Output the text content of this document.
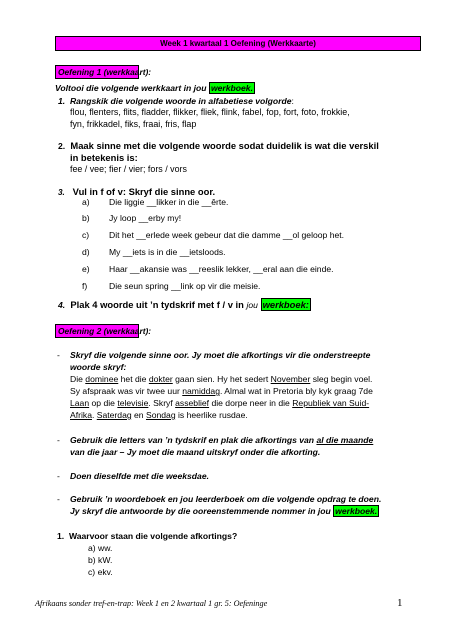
Week 1 kwartaal 1 Oefening (Werkkaarte)
Oefening 1 (werkkaart):
Voltooi die volgende werkkaart in jou werkboek.
1. Rangskik die volgende woorde in alfabetiese volgorde:
flou, flenters, flits, fladder, flikker, fliek, flink, fabel, fop, fort, foto, frokkie,
fyn, frikkadel, fiks, fraai, fris, flap
2. Maak sinne met die volgende woorde sodat duidelik is wat die verskil
in betekenis is:
fee / vee; fier / vier; fors / vors
3. Vul in f of v: Skryf die sinne oor.
a) Die liggie __likker in die __êrte.
b) Jy loop __erby my!
c) Dit het __erlede week gebeur dat die damme __ol geloop het.
d) My __iets is in die __ietsloods.
e) Haar __akansie was __reeslik lekker, __eral aan die einde.
f)	Die seun spring __link op vir die meisie.
4. Plak 4 woorde uit ’n tydskrif met f / v in jou werkboek:
Oefening 2 (werkkaart):
- Skryf die volgende sinne oor. Jy moet die afkortings vir die onderstreepte
woorde skryf:
Die dominee het die dokter gaan sien. Hy het sedert November sleg begin voel.
Sy afspraak was vir twee uur namiddag. Almal wat in Pretoria bly kyk graag 7de
Laan op die televisie. Skryf asseblief die dorpe neer in die Republiek van Suid-
Afrika. Saterdag en Sondag is heerlike rusdae.
- Gebruik die letters van ’n tydskrif en plak die afkortings van al die maande
van die jaar – Jy moet die maand uitskryf onder die afkorting.
- Doen dieselfde met die weeksdae.
- Gebruik ’n woordeboek en jou leerderboek om die volgende opdrag te doen.
Jy skryf die antwoorde by die ooreenstemmende nommer in jou werkboek.
1. Waarvoor staan die volgende afkortings?
a) ww.
b) kW.
c) ekv.
Afrikaans sonder tref-en-trap: Week 1 en 2 kwartaal 1 gr. 5: Oefeninge	1
